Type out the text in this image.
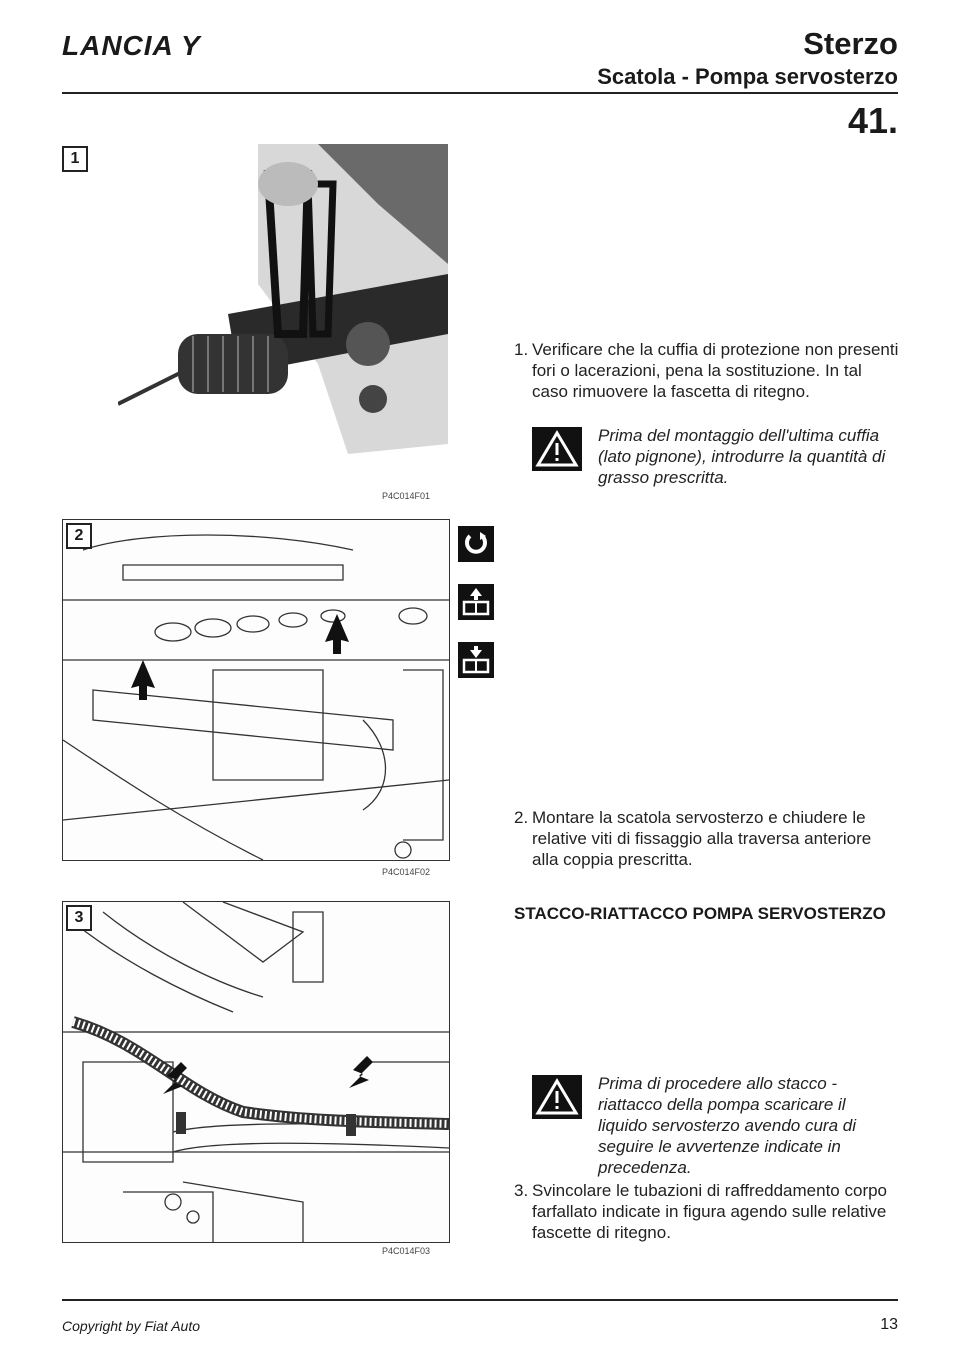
LANCIA Y	Sterzo
Scatola - Pompa servosterzo
41.
1
P4C014F01
2
P4C014F02
3
P4C014F03
1. Verificare che la cuffia di protezione non presenti fori o lacerazioni, pena la sostituzione. In tal caso rimuovere la fascetta di ritegno.
Prima del montaggio dell'ultima cuffia (lato pignone), introdurre la quantità di grasso prescritta.
2. Montare la scatola servosterzo e chiudere le relative viti di fissaggio alla traversa anteriore alla coppia prescritta.
STACCO-RIATTACCO POMPA SERVOSTERZO
Prima di procedere allo stacco - riattacco della pompa scaricare il liquido servosterzo avendo cura di seguire le avvertenze indicate in precedenza.
3. Svincolare le tubazioni di raffreddamento corpo farfallato indicate in figura agendo sulle relative fascette di ritegno.
Copyright by Fiat Auto	13
